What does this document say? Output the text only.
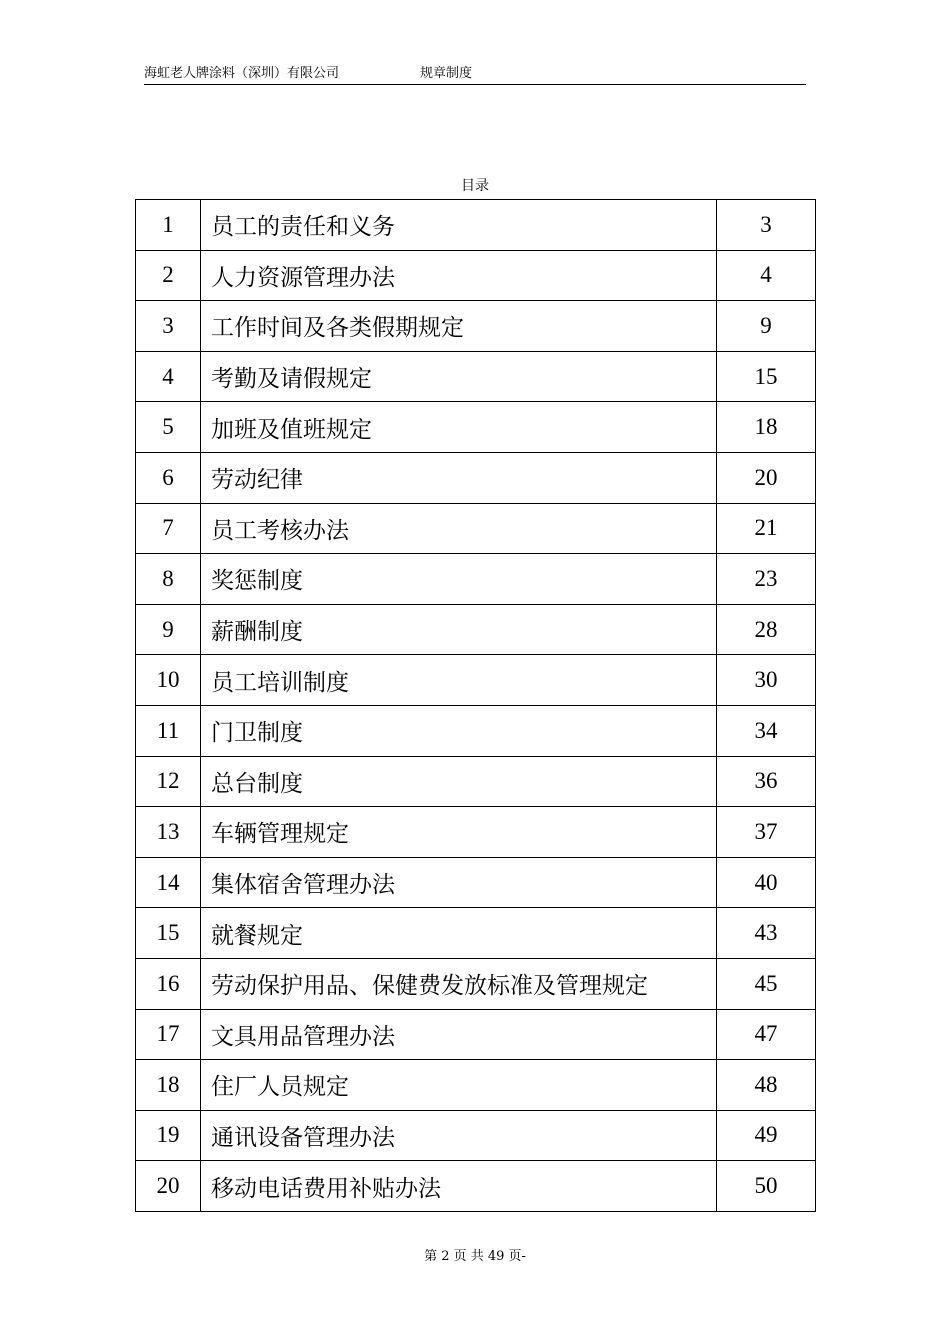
海虹老人牌涂料（深圳）有限公司	规章制度
目录
1	员工的责任和义务	3
2	人力资源管理办法	4
3	工作时间及各类假期规定	9
4	考勤及请假规定	15
5	加班及值班规定	18
6	劳动纪律	20
7	员工考核办法	21
8	奖惩制度	23
9	薪酬制度	28
10	员工培训制度	30
11	门卫制度	34
12	总台制度	36
13	车辆管理规定	37
14	集体宿舍管理办法	40
15	就餐规定	43
16	劳动保护用品、保健费发放标准及管理规定	45
17	文具用品管理办法	47
18	住厂人员规定	48
19	通讯设备管理办法	49
20	移动电话费用补贴办法	50
第 2 页 共 49 页-
